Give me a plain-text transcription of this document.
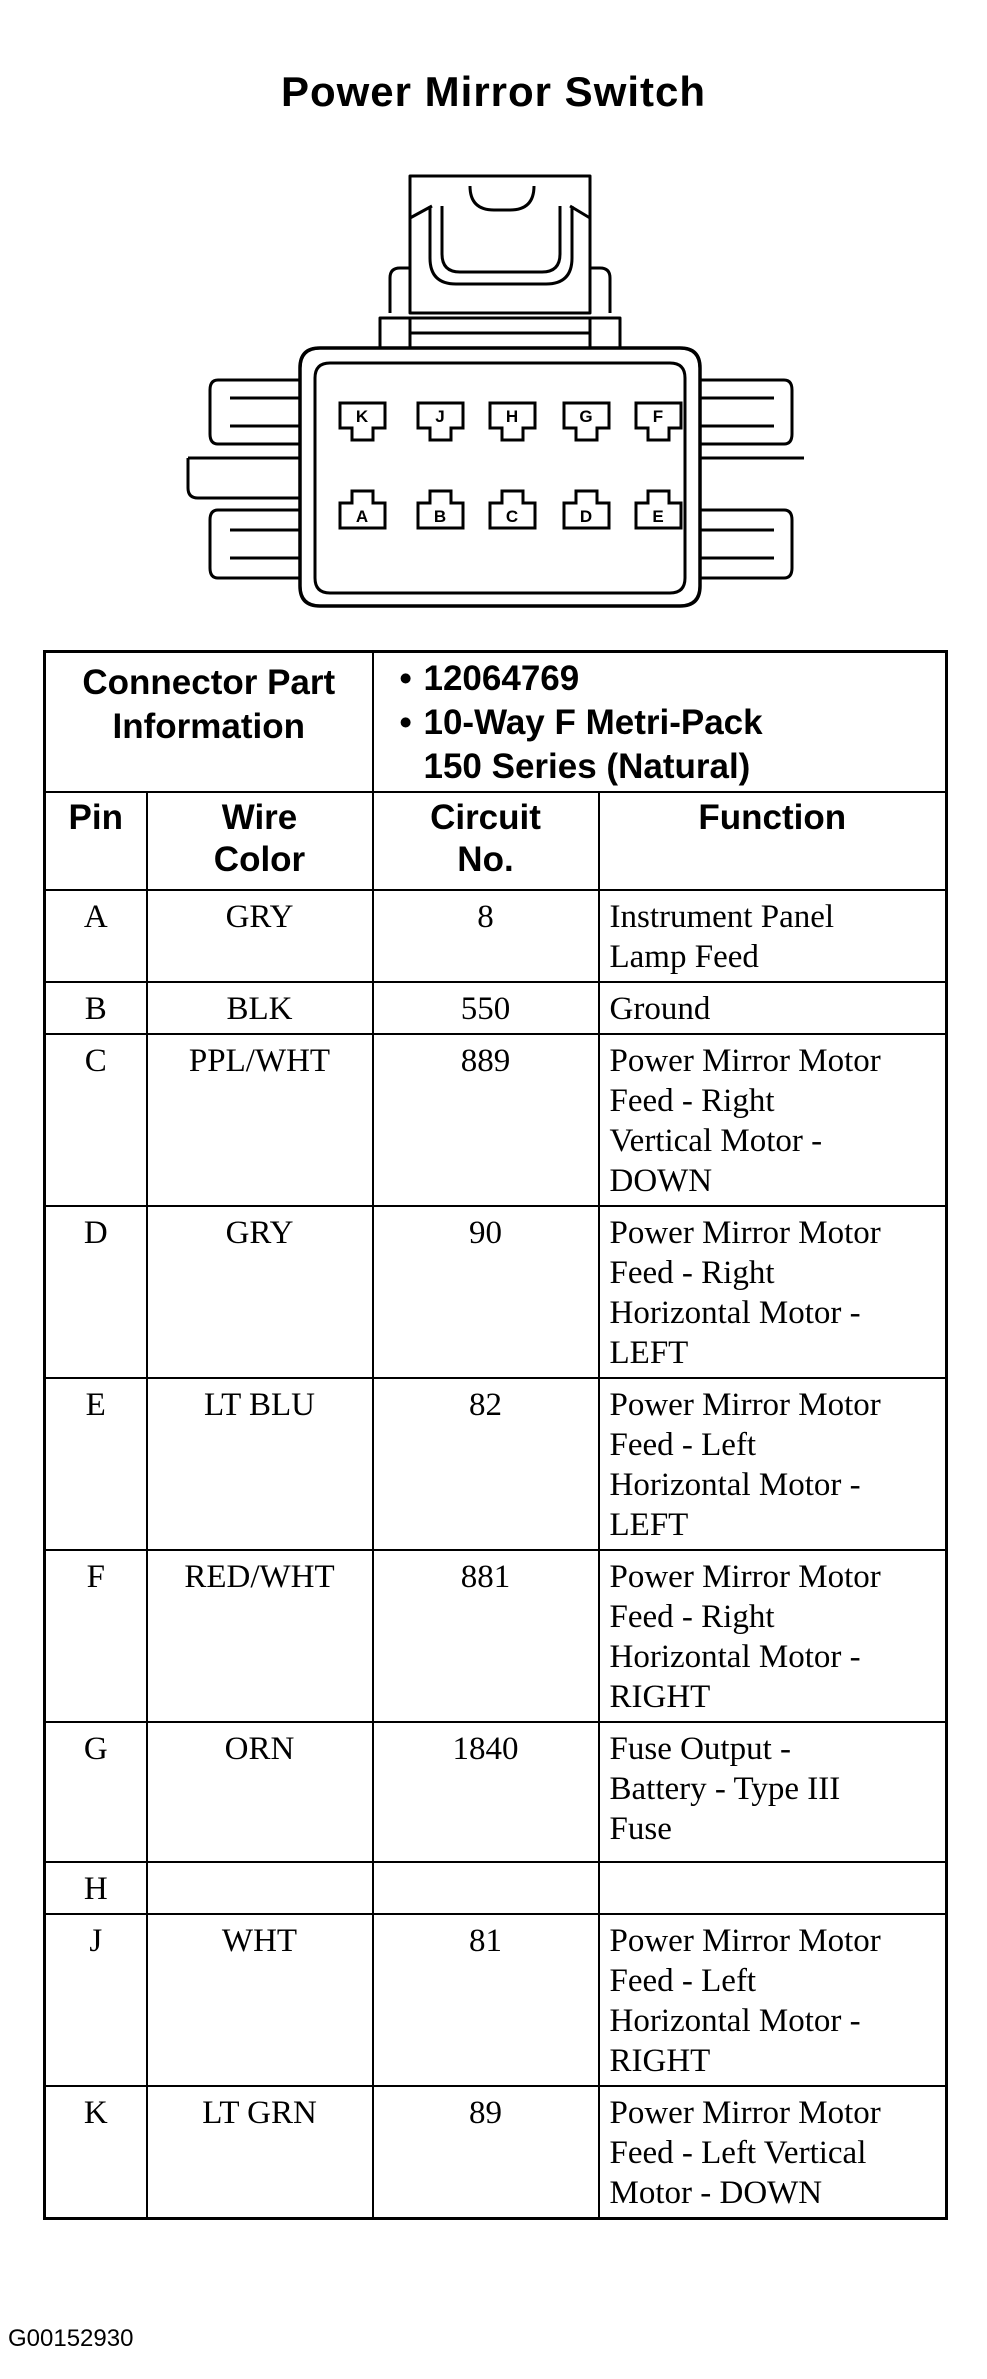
Power Mirror Switch
K	J	H	G	F
A	B	C	D	E
Connector Part Information		• 12064769
• 10-Way F Metri-Pack
150 Series (Natural)	

Pin	Wire Color	Circuit No.	Function
A	GRY	8	Instrument Panel
Lamp Feed

B	BLK	550	Ground

C	PPL/WHT	889	Power Mirror Motor
Feed - Right
Vertical Motor -
DOWN

D	GRY	90	Power Mirror Motor
Feed - Right
Horizontal Motor -
LEFT

E	LT BLU	82	Power Mirror Motor
Feed - Left
Horizontal Motor -
LEFT

F	RED/WHT	881	Power Mirror Motor
Feed - Right
Horizontal Motor -
RIGHT

G	ORN	1840	Fuse Output -
Battery - Type III
Fuse

H			
J	WHT	81	Power Mirror Motor
Feed - Left
Horizontal Motor -
RIGHT

K	LT GRN	89	Power Mirror Motor
Feed - Left Vertical
Motor - DOWN
G00152930
